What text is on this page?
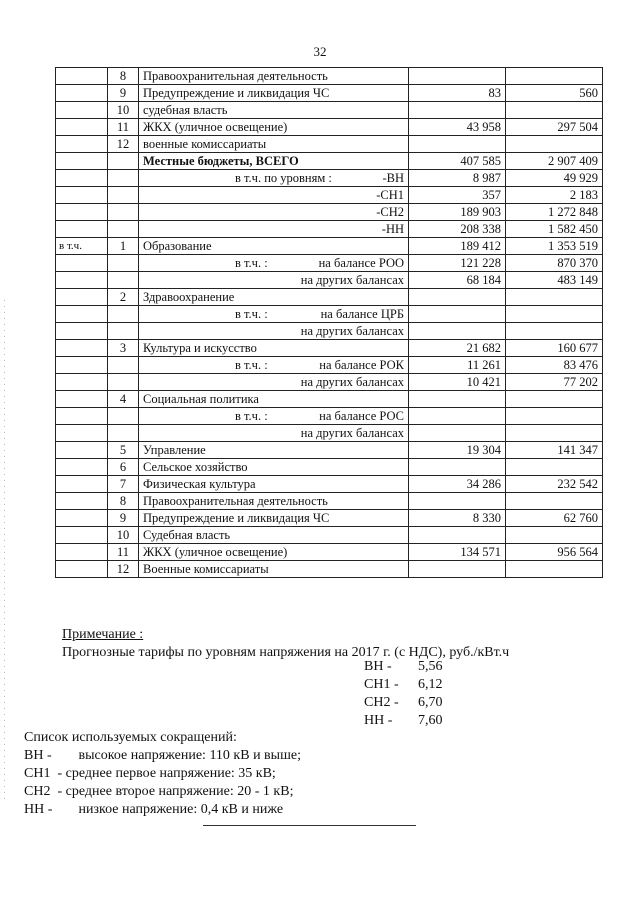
32
	8	Правоохранительная деятельность		
	9	Предупреждение и ликвидация ЧС	83	560
	10	судебная власть		
	11	ЖКХ (уличное освещение)	43 958	297 504
	12	военные комиссариаты		
		Местные бюджеты, ВСЕГО	407 585	2 907 409

		в т.ч. по уровням : -ВН	8 987	49 929
		-СН1	357	2 183
		-СН2	189 903	1 272 848
		-НН	208 338	1 582 450
в т.ч.	1	Образование	189 412	1 353 519

		в т.ч. : на балансе РОО	121 228	870 370
		на других балансах	68 184	483 149
	2	Здравоохранение		

		в т.ч. : на балансе ЦРБ		

		на других балансах		
	3	Культура и искусство	21 682	160 677

		в т.ч. : на балансе РОК	11 261	83 476
		на других балансах	10 421	77 202
	4	Социальная политика		

		в т.ч. : на балансе РОС		

		на других балансах		
	5	Управление	19 304	141 347
	6	Сельское хозяйство		
	7	Физическая культура	34 286	232 542
	8	Правоохранительная деятельность		
	9	Предупреждение и ликвидация ЧС	8 330	62 760
	10	Судебная власть		
	11	ЖКХ (уличное освещение)	134 571	956 564
	12	Военные комиссариаты		
Примечание :
Прогнозные тарифы по уровням напряжения на 2017 г. (с НДС), руб./кВт.ч
ВН -	5,56
СН1 -	6,12
СН2 -	6,70
НН -	7,60
Список используемых сокращений:
ВН -	высокое напряжение: 110 кВ и выше;
СН1 - среднее первое напряжение: 35 кВ;
СН2 - среднее второе напряжение: 20 - 1 кВ;
НН -	низкое напряжение: 0,4 кВ и ниже
